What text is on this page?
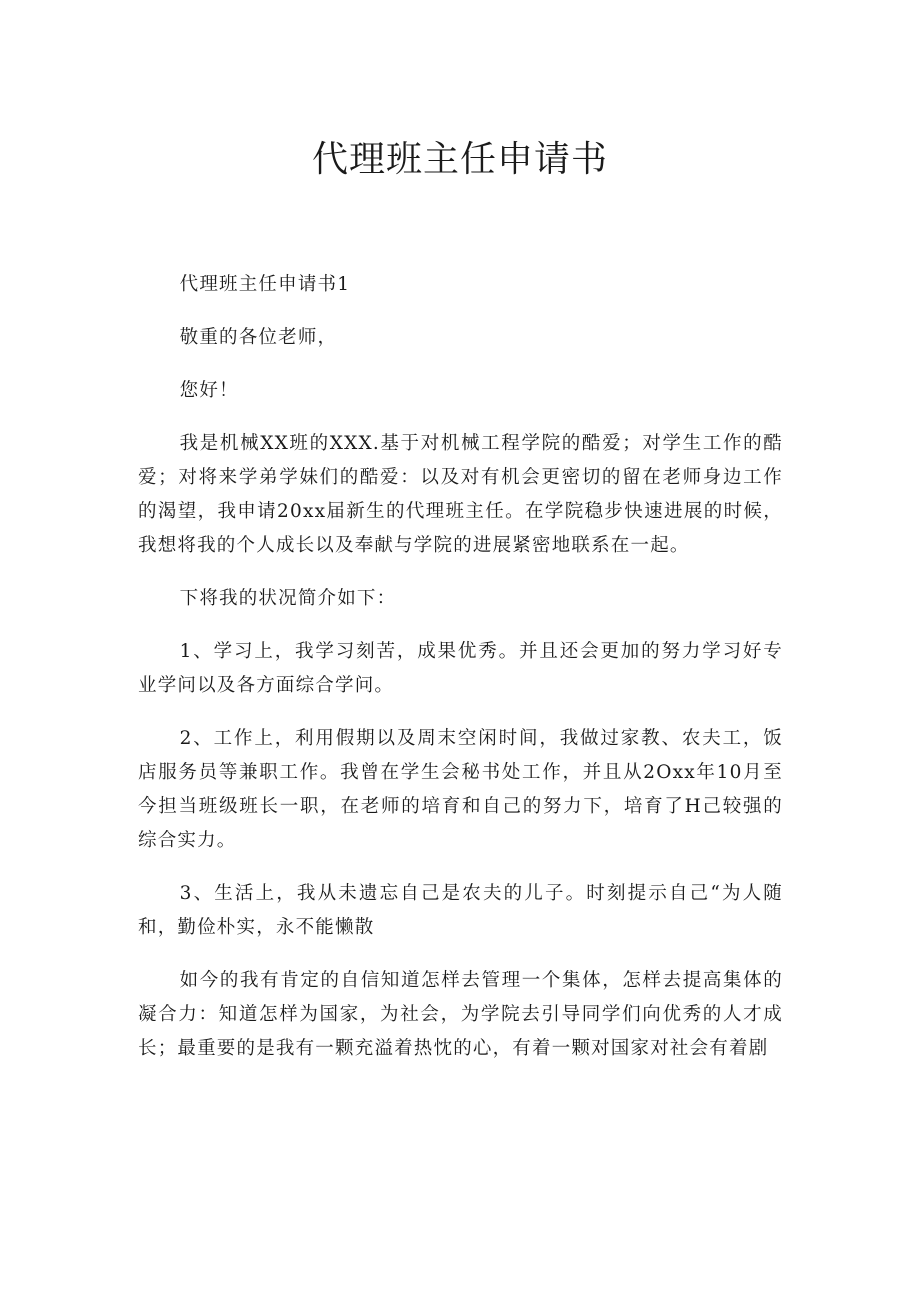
代理班主任申请书

代理班主任申请书1

敬重的各位老师，

您好！

我是机械XX班的XXX.基于对机械工程学院的酷爱；对学生工作的酷爱；对将来学弟学妹们的酷爱：以及对有机会更密切的留在老师身边工作的渴望，我申请20xx届新生的代理班主任。在学院稳步快速进展的时候，我想将我的个人成长以及奉献与学院的进展紧密地联系在一起。

下将我的状况简介如下：

1、学习上，我学习刻苦，成果优秀。并且还会更加的努力学习好专业学问以及各方面综合学问。

2、工作上，利用假期以及周末空闲时间，我做过家教、农夫工，饭店服务员等兼职工作。我曾在学生会秘书处工作，并且从2Oxx年10月至今担当班级班长一职，在老师的培育和自己的努力下，培育了H己较强的综合实力。

3、生活上，我从未遗忘自己是农夫的儿子。时刻提示自己“为人随和，勤俭朴实，永不能懒散

如今的我有肯定的自信知道怎样去管理一个集体，怎样去提高集体的凝合力：知道怎样为国家，为社会，为学院去引导同学们向优秀的人才成长；最重要的是我有一颗充溢着热忱的心，有着一颗对国家对社会有着剧
